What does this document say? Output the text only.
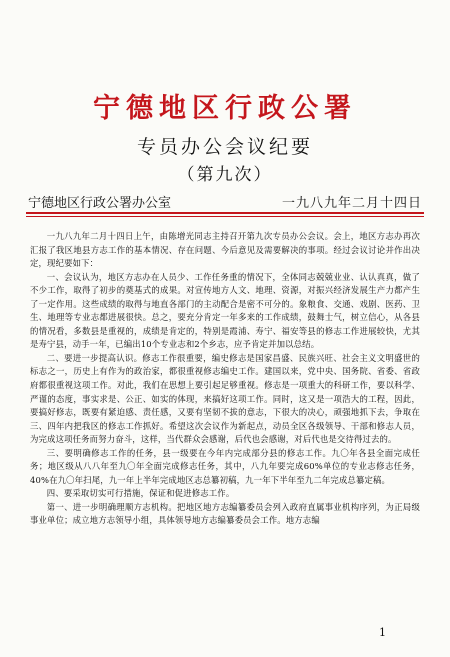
宁德地区行政公署
专员办公会议纪要
（第九次）
宁德地区行政公署办公室	一九八九年二月十四日

一九八九年二月十四日上午，由陈增光同志主持召开第九次专员办公会议。会上，地区方志办再次汇报了我区地县方志工作的基本情况、存在问题、今后意见及需要解决的事项。经过会议讨论并作出决定，现纪要如下：

一、会议认为，地区方志办在人员少、工作任务重的情况下，全体同志兢兢业业、认认真真，做了不少工作，取得了初步的奠基式的成果。对宣传地方人文、地理、资源，对振兴经济发展生产力都产生了一定作用。这些成绩的取得与地直各部门的主动配合是密不可分的。象粮食、交通、戏剧、医药、卫生、地理等专业志都进展很快。总之，要充分肯定一年多来的工作成绩，鼓舞士气，树立信心，从各县的情况看，多数县是重视的，成绩是肯定的，特别是霞浦、寿宁、福安等县的修志工作进展较快，尤其是寿宁县，动手一年，已编出10个专业志和2个乡志，应予肯定并加以总结。

二、要进一步提高认识。修志工作很重要，编史修志是国家昌盛、民族兴旺、社会主义文明盛世的标志之一，历史上有作为的政治家，都很重视修志编史工作。建国以来，党中央、国务院、省委、省政府都很重视这项工作。对此，我们在思想上要引起足够重视。修志是一项重大的科研工作，要以科学、严谨的态度，事实求是、公正、如实的体现，来搞好这项工作。同时，这又是一项浩大的工程，因此，要搞好修志，既要有紧迫感、责任感，又要有坚韧不拔的意志，下很大的决心，顽强地抓下去，争取在三、四年内把我区的修志工作抓好。希望这次会议作为新起点，动员全区各级领导、干部和修志人员，为完成这项任务而努力奋斗，这样，当代群众会感谢，后代也会感谢，对后代也是交待得过去的。

三、要明确修志工作的任务，县一级要在今年内完成部分县的修志工作。九〇年各县全面完成任务；地区级从八八年至九〇年全面完成修志任务，其中，八九年要完成60%单位的专业志修志任务，40%在九〇年扫尾，九一年上半年完成地区志总纂初稿，九一年下半年至九二年完成总纂定稿。

四、要采取切实可行措施，保证和促进修志工作。

第一、进一步明确理顺方志机构。把地区地方志编纂委员会列入政府直属事业机构序列，为正局级事业单位；成立地方志领导小组，具体领导地方志编纂委员会工作。地方志编

1
